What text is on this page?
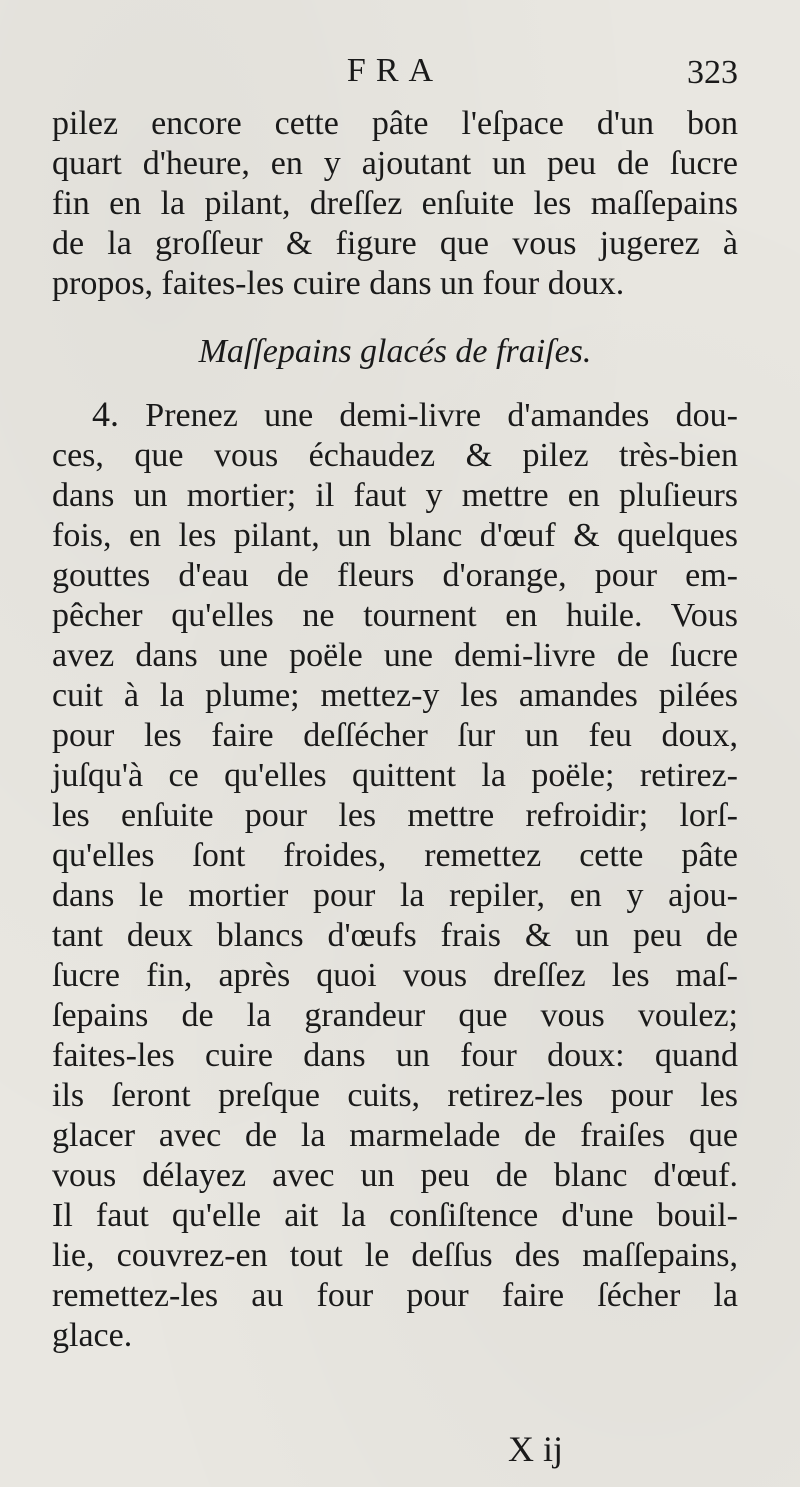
FRA	323
pilez encore cette pâte l'eſpace d'un bon
quart d'heure, en y ajoutant un peu de ſucre
fin en la pilant, dreſſez enſuite les maſſepains
de la groſſeur & figure que vous jugerez à
propos, faites-les cuire dans un four doux.
Maſſepains glacés de fraiſes.
4. Prenez une demi-livre d'amandes dou-
ces, que vous échaudez & pilez très-bien
dans un mortier; il faut y mettre en pluſieurs
fois, en les pilant, un blanc d'œuf & quelques
gouttes d'eau de fleurs d'orange, pour em-
pêcher qu'elles ne tournent en huile. Vous
avez dans une poële une demi-livre de ſucre
cuit à la plume; mettez-y les amandes pilées
pour les faire deſſécher ſur un feu doux,
juſqu'à ce qu'elles quittent la poële; retirez-
les enſuite pour les mettre refroidir; lorſ-
qu'elles ſont froides, remettez cette pâte
dans le mortier pour la repiler, en y ajou-
tant deux blancs d'œufs frais & un peu de
ſucre fin, après quoi vous dreſſez les maſ-
ſepains de la grandeur que vous voulez;
faites-les cuire dans un four doux: quand
ils ſeront preſque cuits, retirez-les pour les
glacer avec de la marmelade de fraiſes que
vous délayez avec un peu de blanc d'œuf.
Il faut qu'elle ait la conſiſtence d'une bouil-
lie, couvrez-en tout le deſſus des maſſepains,
remettez-les au four pour faire ſécher la
glace.
X ij
